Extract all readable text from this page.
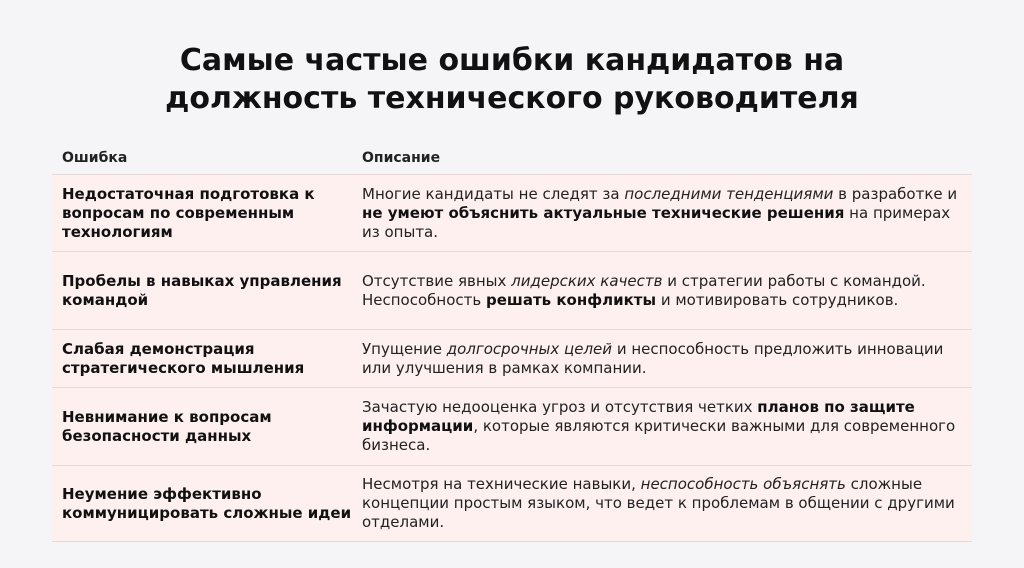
Самые частые ошибки кандидатов на
должность технического руководителя
Ошибка	Описание
Недостаточная подготовка к вопросам по современным технологиям
Многие кандидаты не следят за последними тенденциями в разработке и не умеют объяснить актуальные технические решения на примерах из опыта.
Пробелы в навыках управления командой
Отсутствие явных лидерских качеств и стратегии работы с командой. Неспособность решать конфликты и мотивировать сотрудников.
Слабая демонстрация стратегического мышления
Упущение долгосрочных целей и неспособность предложить инновации или улучшения в рамках компании.
Невнимание к вопросам безопасности данных
Зачастую недооценка угроз и отсутствия четких планов по защите информации, которые являются критически важными для современного бизнеса.
Неумение эффективно коммуницировать сложные идеи
Несмотря на технические навыки, неспособность объяснять сложные концепции простым языком, что ведет к проблемам в общении с другими отделами.
